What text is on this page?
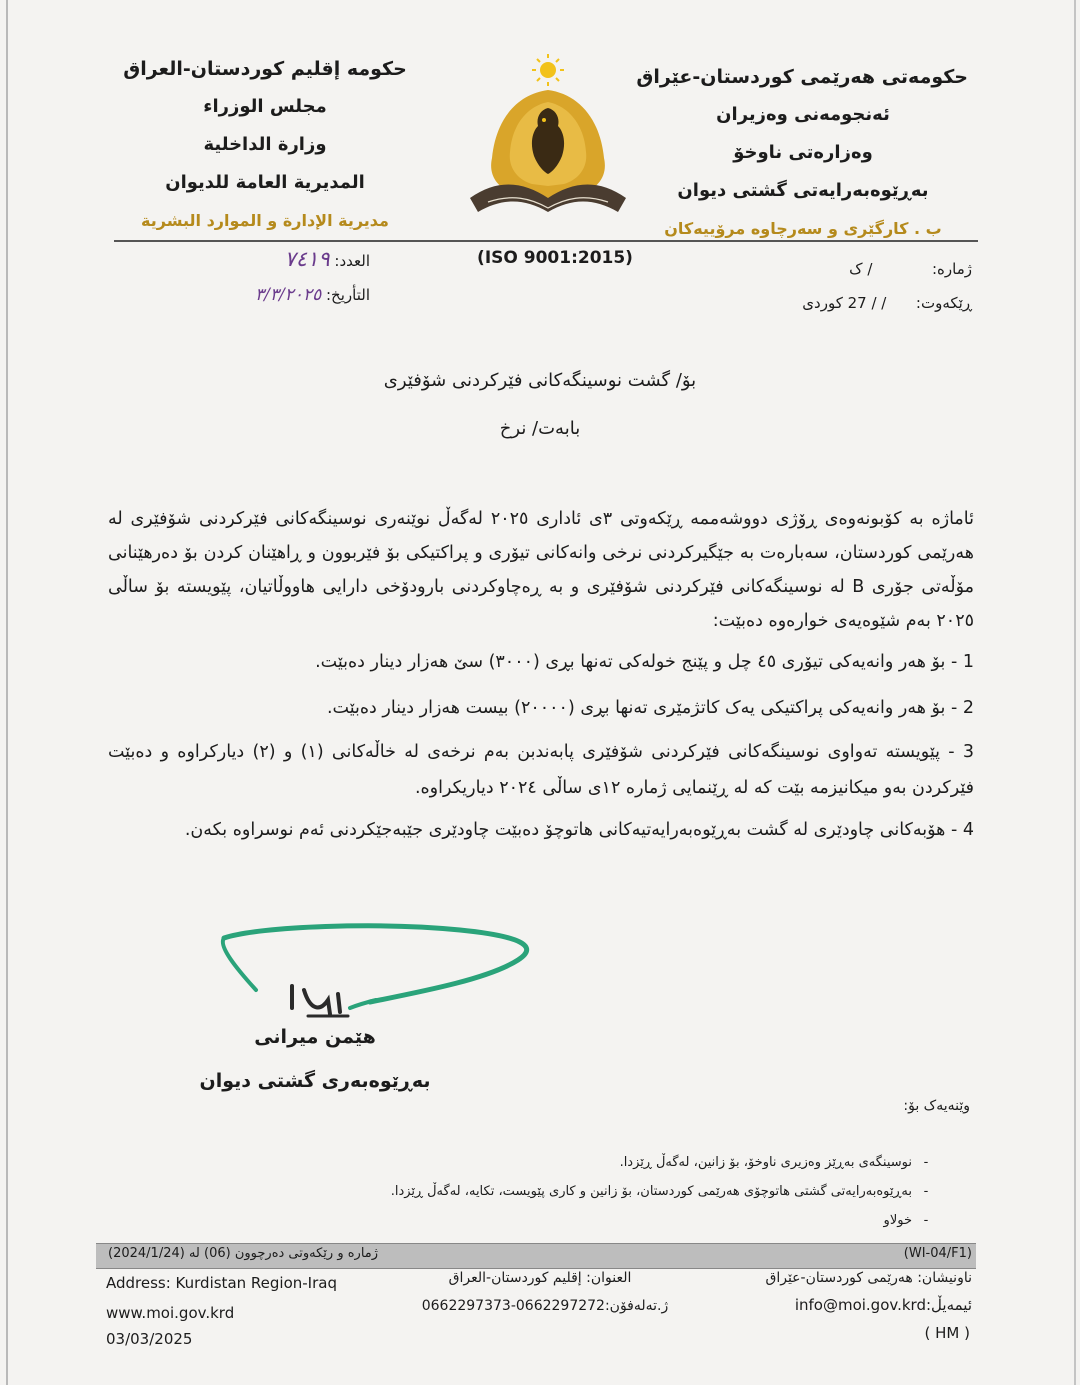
حکومەتی هەرێمی کوردستان-عێراق
ئەنجومەنی وەزیران
وەزارەتی ناوخۆ
بەڕێوەبەرایەتی گشتی دیوان
ب . کارگێری و سەرچاوە مرۆییەکان
حكومه إقليم كوردستان-العراق
مجلس الوزراء
وزارة الداخلية
المديرية العامة للديوان
مديرية الإدارة و الموارد البشرية
(ISO 9001:2015)
ژمارە:  / ک
ڕێکەوت:  / / 27 کوردی
العدد: ٧٤١٩
التأريخ: ٣/٣/٢٠٢٥
بۆ/ گشت نوسینگەکانی فێرکردنی شۆفێری
بابەت/ نرخ
ئاماژە بە کۆبونەوەی ڕۆژی دووشەممە ڕێکەوتی ٣ی ئاداری ٢٠٢٥ لەگەڵ نوێنەری نوسینگەکانی فێرکردنی شۆفێری لە هەرێمی کوردستان، سەبارەت بە جێگیرکردنی نرخی وانەکانی تیۆری و پراکتیکی بۆ فێربوون و ڕاهێنان کردن بۆ دەرهێنانی مۆڵەتی جۆری B لە نوسینگەکانی فێرکردنی شۆفێری و بە ڕەچاوکردنی بارودۆخی دارایی هاووڵاتیان، پێویستە بۆ ساڵی ٢٠٢٥ بەم شێوەیەی خوارەوە دەبێت:
1 - بۆ هەر وانەیەکی تیۆری ٤٥ چل و پێنج خولەکی تەنها بڕی (٣٠٠٠) سێ هەزار دینار دەبێت.
2 - بۆ هەر وانەیەکی پراکتیکی یەک کاتژمێری تەنها بڕی (٢٠٠٠٠) بیست هەزار دینار دەبێت.
3 - پێویستە تەواوی نوسینگەکانی فێرکردنی شۆفێری پابەندبن بەم نرخەی لە خاڵەکانی (١) و (٢) دیارکراوە و دەبێت فێرکردن بەو میکانیزمە بێت کە لە ڕێنمایی ژمارە ١٢ی ساڵی ٢٠٢٤ دیاریکراوە.
4 - هۆبەکانی چاودێری لە گشت بەڕێوەبەرایەتیەکانی هاتوچۆ دەبێت چاودێری جێبەجێکردنی ئەم نوسراوە بکەن.
هێمن میرانی
بەڕێوەبەری گشتی دیوان
وێنەیەک بۆ:
- نوسینگەی بەڕێز وەزیری ناوخۆ، بۆ زانین، لەگەڵ ڕێزدا.
- بەڕێوەبەرایەتی گشتی هاتوچۆی هەرێمی کوردستان، بۆ زانین و کاری پێویست، تکایە، لەگەڵ ڕێزدا.
- خولاو
ژمارە و رێکەوتی دەرچوون (06) لە (2024/1/24)	(WI-04/F1)
Address: Kurdistan Region-Iraq
www.moi.gov.krd
03/03/2025
العنوان: إقليم كوردستان-العراق
ژ.تەلەفۆن:0662297272-0662297373
ناونیشان: هەرێمی کوردستان-عێراق
ئیمەیڵ:info@moi.gov.krd
( HM )
